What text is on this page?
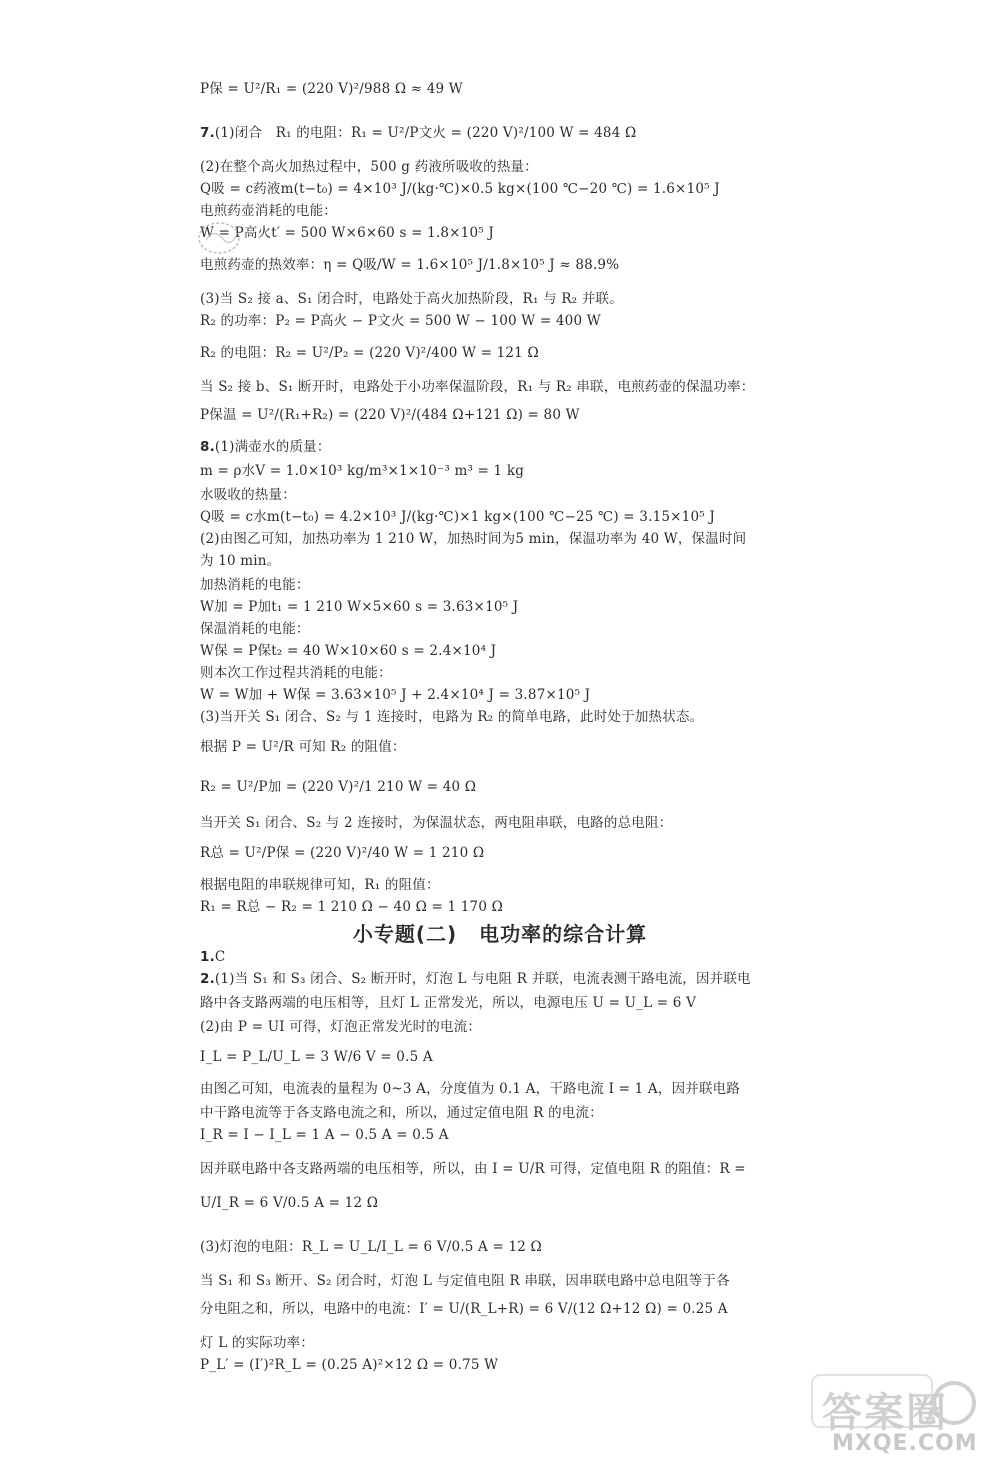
P保 = U²/R₁ = (220 V)²/988 Ω ≈ 49 W
7.(1)闭合　R₁ 的电阻：R₁ = U²/P文火 = (220 V)²/100 W = 484 Ω
(2)在整个高火加热过程中，500 g 药液所吸收的热量：
Q吸 = c药液m(t−t₀) = 4×10³ J/(kg·℃)×0.5 kg×(100 ℃−20 ℃) = 1.6×10⁵ J
电煎药壶消耗的电能：
W = P高火t′ = 500 W×6×60 s = 1.8×10⁵ J
电煎药壶的热效率：η = Q吸/W = 1.6×10⁵ J/1.8×10⁵ J ≈ 88.9%
(3)当 S₂ 接 a、S₁ 闭合时，电路处于高火加热阶段，R₁ 与 R₂ 并联。
R₂ 的功率：P₂ = P高火 − P文火 = 500 W − 100 W = 400 W
R₂ 的电阻：R₂ = U²/P₂ = (220 V)²/400 W = 121 Ω
当 S₂ 接 b、S₁ 断开时，电路处于小功率保温阶段，R₁ 与 R₂ 串联，电煎药壶的保温功率：
P保温 = U²/(R₁+R₂) = (220 V)²/(484 Ω+121 Ω) = 80 W
8.(1)满壶水的质量：
m = ρ水V = 1.0×10³ kg/m³×1×10⁻³ m³ = 1 kg
水吸收的热量：
Q吸 = c水m(t−t₀) = 4.2×10³ J/(kg·℃)×1 kg×(100 ℃−25 ℃) = 3.15×10⁵ J
(2)由图乙可知，加热功率为 1 210 W，加热时间为5 min，保温功率为 40 W，保温时间
为 10 min。
加热消耗的电能：
W加 = P加t₁ = 1 210 W×5×60 s = 3.63×10⁵ J
保温消耗的电能：
W保 = P保t₂ = 40 W×10×60 s = 2.4×10⁴ J
则本次工作过程共消耗的电能：
W = W加 + W保 = 3.63×10⁵ J + 2.4×10⁴ J = 3.87×10⁵ J
(3)当开关 S₁ 闭合、S₂ 与 1 连接时，电路为 R₂ 的简单电路，此时处于加热状态。
根据 P = U²/R 可知 R₂ 的阻值：
R₂ = U²/P加 = (220 V)²/1 210 W = 40 Ω
当开关 S₁ 闭合、S₂ 与 2 连接时，为保温状态，两电阻串联，电路的总电阻：
R总 = U²/P保 = (220 V)²/40 W = 1 210 Ω
根据电阻的串联规律可知，R₁ 的阻值：
R₁ = R总 − R₂ = 1 210 Ω − 40 Ω = 1 170 Ω
小专题(二) 电功率的综合计算
1.C
2.(1)当 S₁ 和 S₃ 闭合、S₂ 断开时，灯泡 L 与电阻 R 并联，电流表测干路电流，因并联电
路中各支路两端的电压相等，且灯 L 正常发光，所以，电源电压 U = U_L = 6 V
(2)由 P = UI 可得，灯泡正常发光时的电流：
I_L = P_L/U_L = 3 W/6 V = 0.5 A
由图乙可知，电流表的量程为 0~3 A，分度值为 0.1 A，干路电流 I = 1 A，因并联电路
中干路电流等于各支路电流之和，所以，通过定值电阻 R 的电流：
I_R = I − I_L = 1 A − 0.5 A = 0.5 A
因并联电路中各支路两端的电压相等，所以，由 I = U/R 可得，定值电阻 R 的阻值：R =
U/I_R = 6 V/0.5 A = 12 Ω
(3)灯泡的电阻：R_L = U_L/I_L = 6 V/0.5 A = 12 Ω
当 S₁ 和 S₃ 断开、S₂ 闭合时，灯泡 L 与定值电阻 R 串联，因串联电路中总电阻等于各
分电阻之和，所以，电路中的电流：I′ = U/(R_L+R) = 6 V/(12 Ω+12 Ω) = 0.25 A
灯 L 的实际功率：
P_L′ = (I′)²R_L = (0.25 A)²×12 Ω = 0.75 W
答案圈
MXQE.COM
